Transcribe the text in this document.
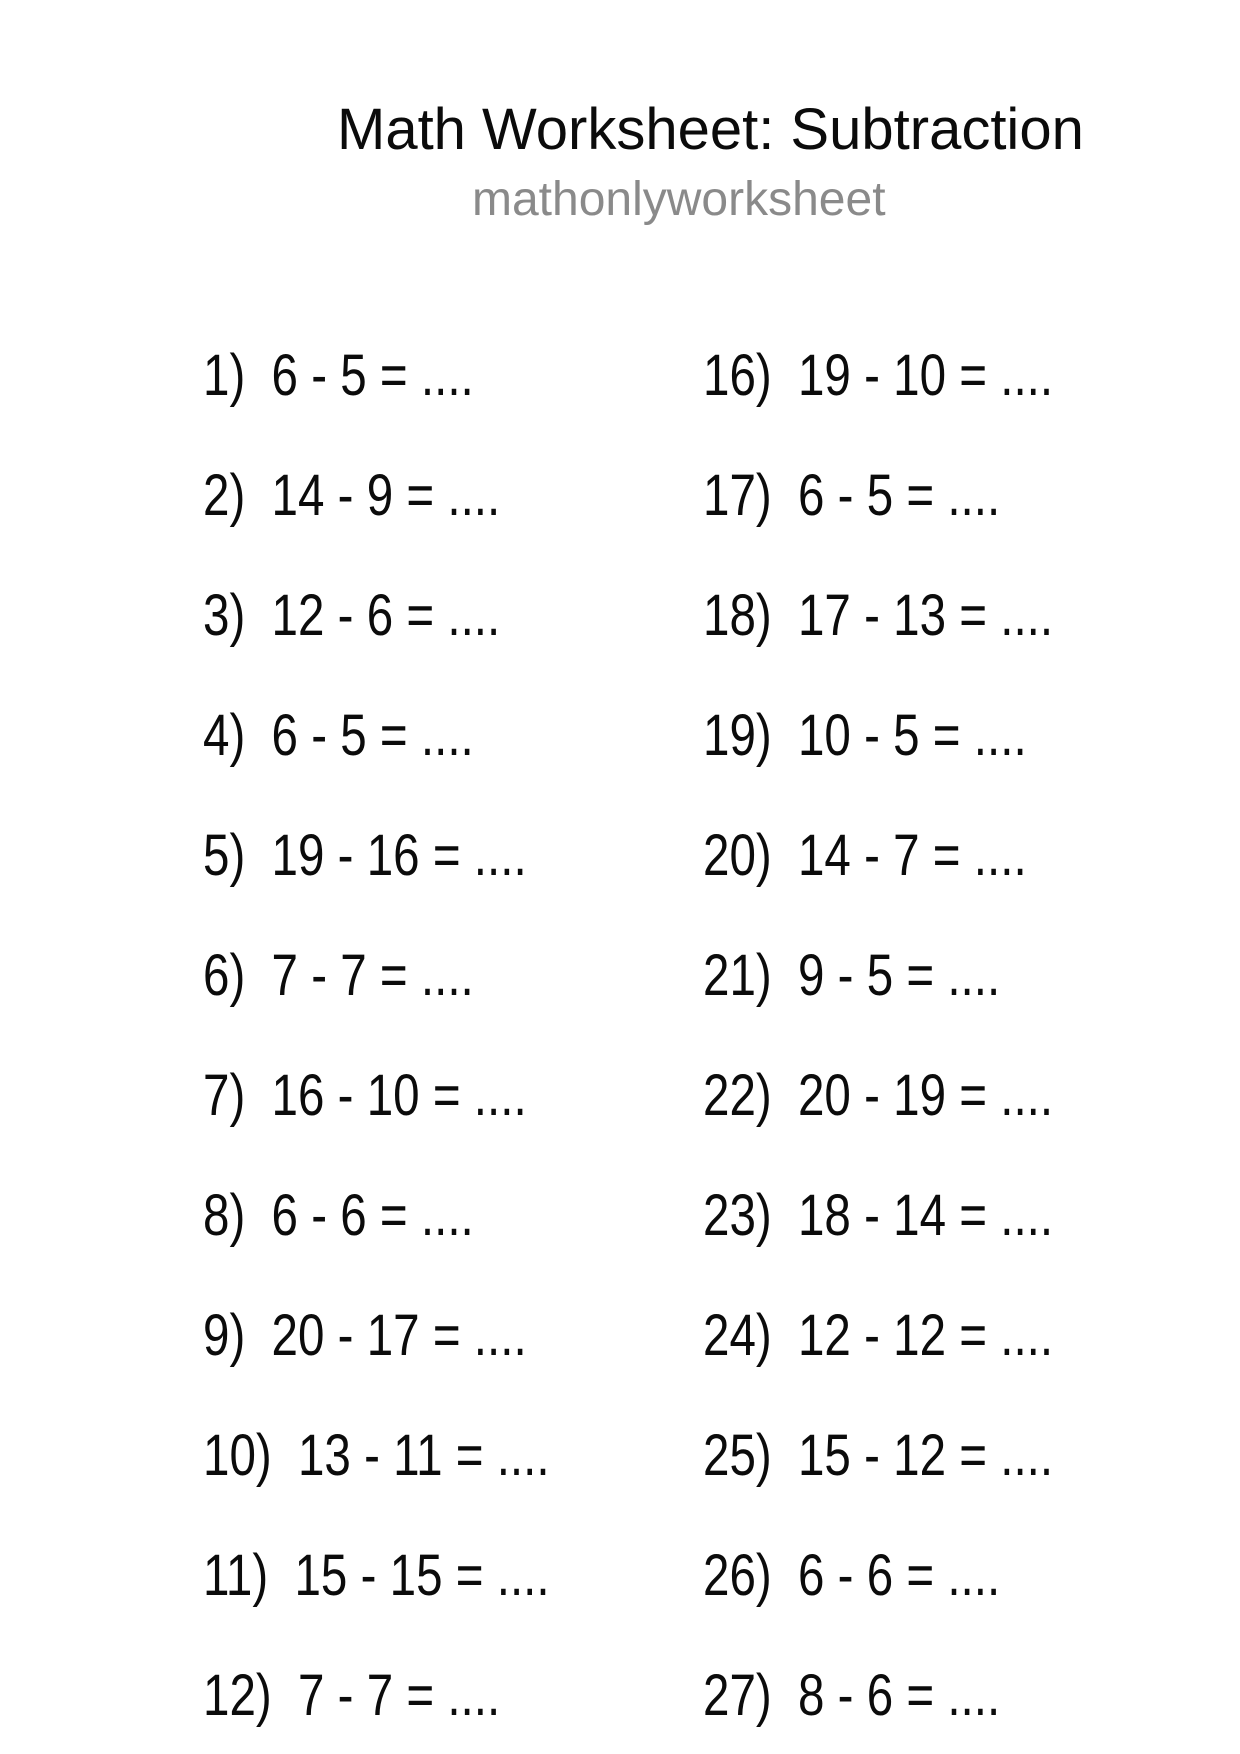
Math Worksheet: Subtraction
mathonlyworksheet
1) 6 - 5 = ....
2) 14 - 9 = ....
3) 12 - 6 = ....
4) 6 - 5 = ....
5) 19 - 16 = ....
6) 7 - 7 = ....
7) 16 - 10 = ....
8) 6 - 6 = ....
9) 20 - 17 = ....
10) 13 - 11 = ....
11) 15 - 15 = ....
12) 7 - 7 = ....
16) 19 - 10 = ....
17) 6 - 5 = ....
18) 17 - 13 = ....
19) 10 - 5 = ....
20) 14 - 7 = ....
21) 9 - 5 = ....
22) 20 - 19 = ....
23) 18 - 14 = ....
24) 12 - 12 = ....
25) 15 - 12 = ....
26) 6 - 6 = ....
27) 8 - 6 = ....
